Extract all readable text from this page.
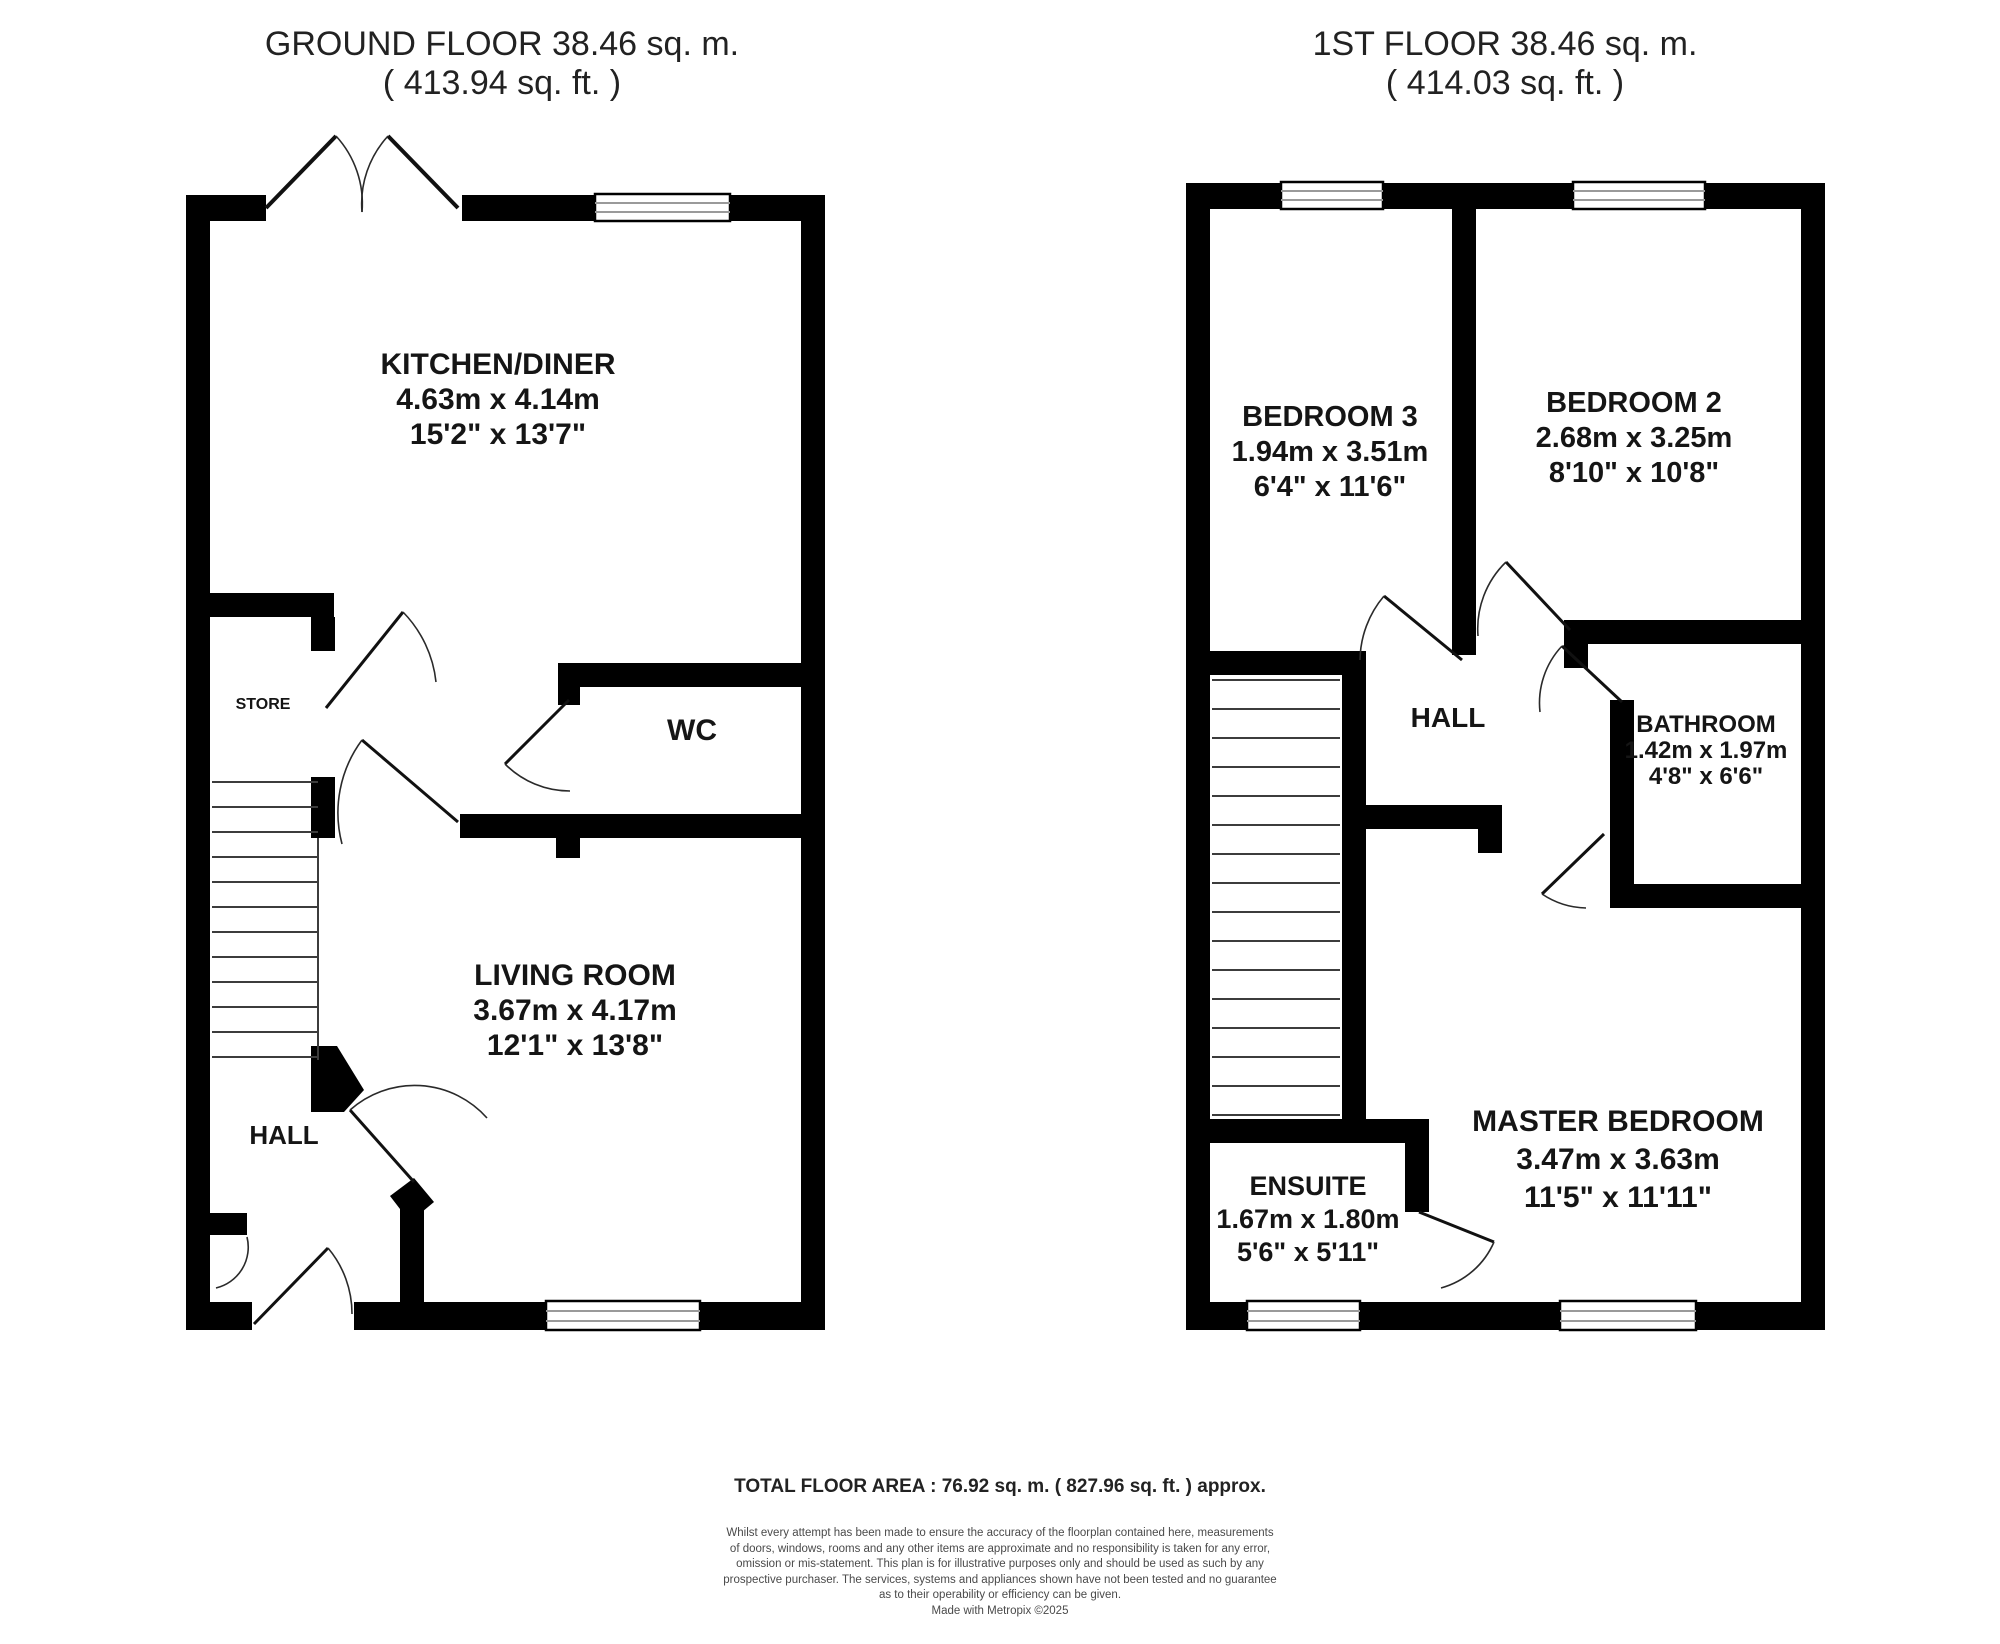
GROUND FLOOR 38.46 sq. m.
( 413.94 sq. ft. )
1ST FLOOR 38.46 sq. m.
( 414.03 sq. ft. )
KITCHEN/DINER
4.63m x 4.14m
15'2" x 13'7"
STORE
WC
LIVING ROOM
3.67m x 4.17m
12'1" x 13'8"
HALL
BEDROOM 3
1.94m x 3.51m
6'4" x 11'6"
BEDROOM 2
2.68m x 3.25m
8'10" x 10'8"
HALL	BATHROOM
1.42m x 1.97m
4'8" x 6'6"
ENSUITE
1.67m x 1.80m
5'6" x 5'11"
MASTER BEDROOM
3.47m x 3.63m
11'5" x 11'11"
TOTAL FLOOR AREA : 76.92 sq. m. ( 827.96 sq. ft. ) approx.
Whilst every attempt has been made to ensure the accuracy of the floorplan contained here, measurements
of doors, windows, rooms and any other items are approximate and no responsibility is taken for any error,
omission or mis-statement. This plan is for illustrative purposes only and should be used as such by any
prospective purchaser. The services, systems and appliances shown have not been tested and no guarantee
as to their operability or efficiency can be given.
Made with Metropix ©2025
